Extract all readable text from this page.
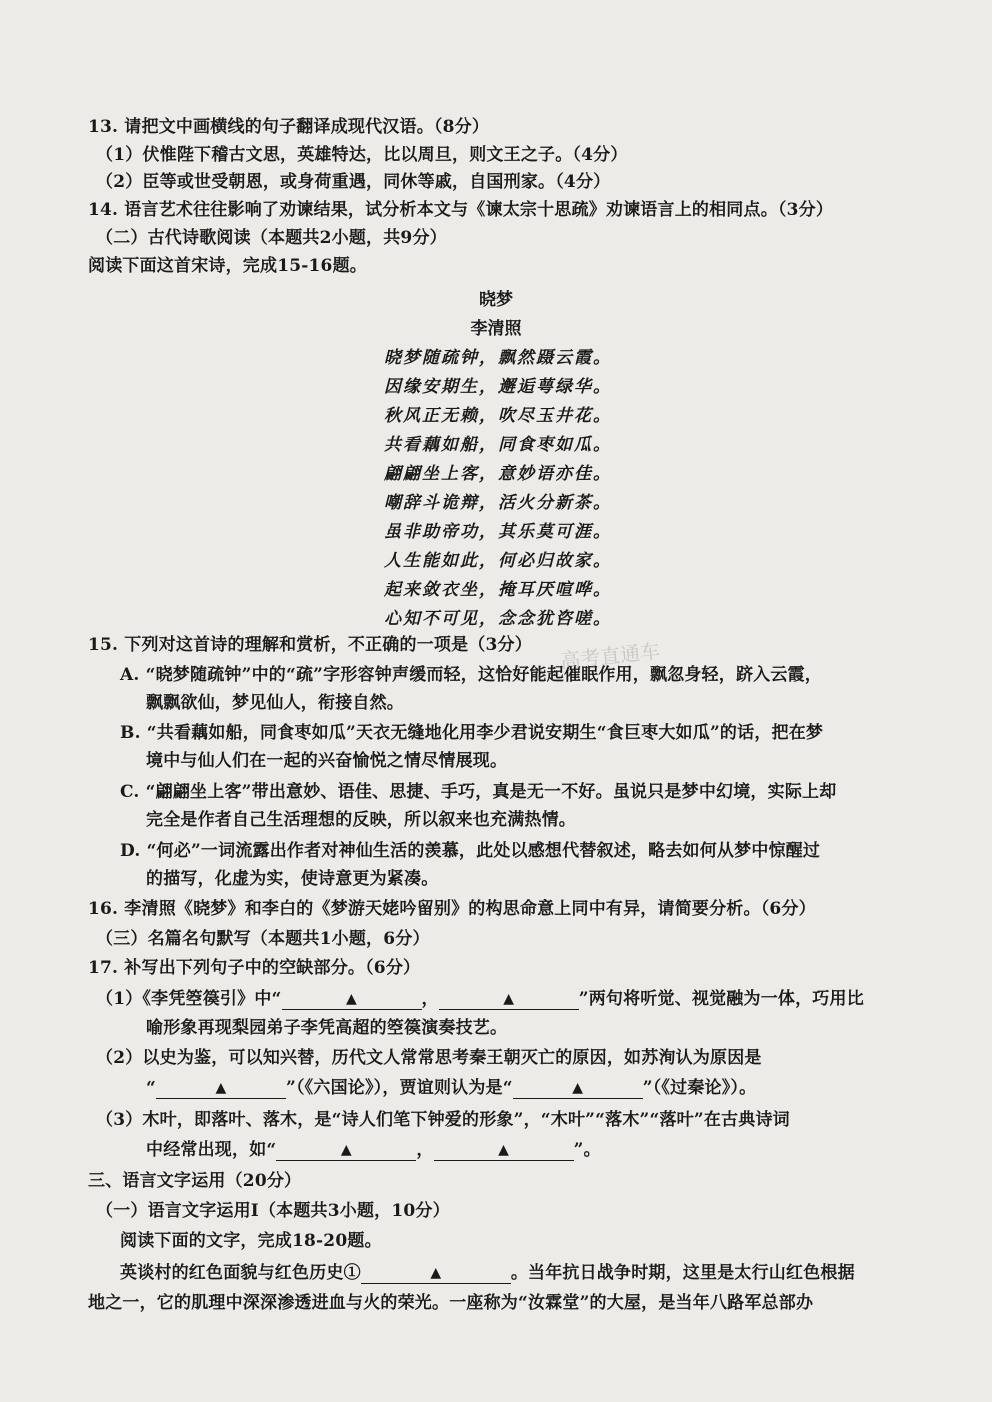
13. 请把文中画横线的句子翻译成现代汉语。（8分）
（1）伏惟陛下稽古文思，英雄特达，比以周旦，则文王之子。（4分）
（2）臣等或世受朝恩，或身荷重遇，同休等戚，自国刑家。（4分）
14. 语言艺术往往影响了劝谏结果，试分析本文与《谏太宗十思疏》劝谏语言上的相同点。（3分）
（二）古代诗歌阅读（本题共2小题，共9分）
阅读下面这首宋诗，完成15-16题。
晓梦
李清照
晓梦随疏钟，飘然蹑云霞。
因缘安期生，邂逅萼绿华。
秋风正无赖，吹尽玉井花。
共看藕如船，同食枣如瓜。
翩翩坐上客，意妙语亦佳。
嘲辞斗诡辩，活火分新茶。
虽非助帝功，其乐莫可涯。
人生能如此，何必归故家。
起来敛衣坐，掩耳厌喧哗。
心知不可见，念念犹咨嗟。
15. 下列对这首诗的理解和赏析，不正确的一项是（3分）
A. “晓梦随疏钟”中的“疏”字形容钟声缓而轻，这恰好能起催眠作用，飘忽身轻，跻入云霞，
飘飘欲仙，梦见仙人，衔接自然。
B. “共看藕如船，同食枣如瓜”天衣无缝地化用李少君说安期生“食巨枣大如瓜”的话，把在梦
境中与仙人们在一起的兴奋愉悦之情尽情展现。
C. “翩翩坐上客”带出意妙、语佳、思捷、手巧，真是无一不好。虽说只是梦中幻境，实际上却
完全是作者自己生活理想的反映，所以叙来也充满热情。
D. “何必”一词流露出作者对神仙生活的羡慕，此处以感想代替叙述，略去如何从梦中惊醒过
的描写，化虚为实，使诗意更为紧凑。
16. 李清照《晓梦》和李白的《梦游天姥吟留别》的构思命意上同中有异，请简要分析。（6分）
（三）名篇名句默写（本题共1小题，6分）
17. 补写出下列句子中的空缺部分。（6分）
（1）《李凭箜篌引》中“	▲	，	▲	”两句将听觉、视觉融为一体，巧用比
喻形象再现梨园弟子李凭高超的箜篌演奏技艺。
（2）以史为鉴，可以知兴替，历代文人常常思考秦王朝灭亡的原因，如苏洵认为原因是
“	▲	”（《六国论》），贾谊则认为是“	▲	”（《过秦论》）。
（3）木叶，即落叶、落木，是“诗人们笔下钟爱的形象”，“木叶”“落木”“落叶”在古典诗词
中经常出现，如“	▲	，	▲	”。
三、语言文字运用（20分）
（一）语言文字运用Ⅰ（本题共3小题，10分）
阅读下面的文字，完成18-20题。
英谈村的红色面貌与红色历史①	▲	。当年抗日战争时期，这里是太行山红色根据
地之一，它的肌理中深深渗透进血与火的荣光。一座称为“汝霖堂”的大屋，是当年八路军总部办
高考直通车
